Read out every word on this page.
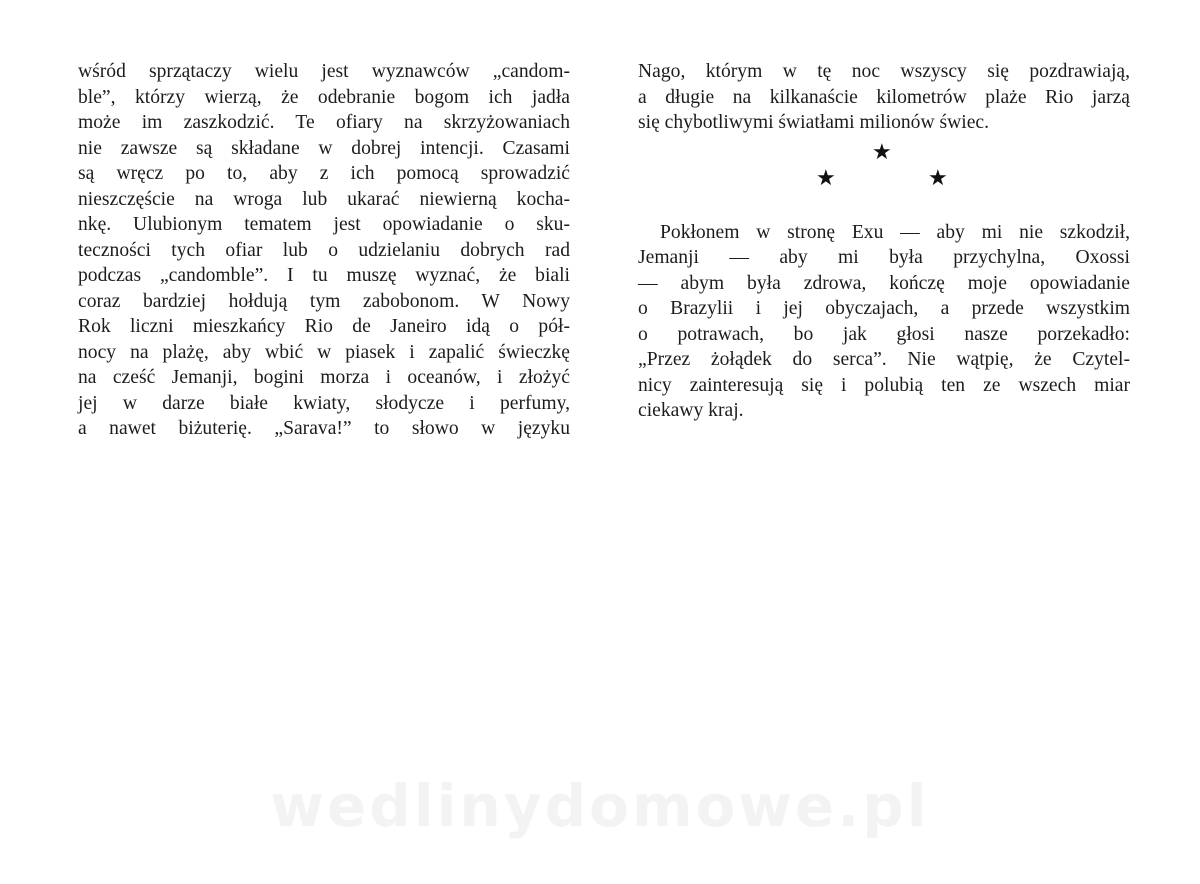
wśród sprzątaczy wielu jest wyznawców „candom-
ble”, którzy wierzą, że odebranie bogom ich jadła
może im zaszkodzić. Te ofiary na skrzyżowaniach
nie zawsze są składane w dobrej intencji. Czasami
są wręcz po to, aby z ich pomocą sprowadzić
nieszczęście na wroga lub ukarać niewierną kocha-
nkę. Ulubionym tematem jest opowiadanie o sku-
teczności tych ofiar lub o udzielaniu dobrych rad
podczas „candomble”. I tu muszę wyznać, że biali
coraz bardziej hołdują tym zabobonom. W Nowy
Rok liczni mieszkańcy Rio de Janeiro idą o pół-
nocy na plażę, aby wbić w piasek i zapalić świeczkę
na cześć Jemanji, bogini morza i oceanów, i złożyć
jej w darze białe kwiaty, słodycze i perfumy,
a nawet biżuterię. „Sarava!” to słowo w języku
Nago, którym w tę noc wszyscy się pozdrawiają,
a długie na kilkanaście kilometrów plaże Rio jarzą
się chybotliwymi światłami milionów świec.
★
★	★
Pokłonem w stronę Exu — aby mi nie szkodził,
Jemanji — aby mi była przychylna, Oxossi
— abym była zdrowa, kończę moje opowiadanie
o Brazylii i jej obyczajach, a przede wszystkim
o potrawach, bo jak głosi nasze porzekadło:
„Przez żołądek do serca”. Nie wątpię, że Czytel-
nicy zainteresują się i polubią ten ze wszech miar
ciekawy kraj.
wedlinydomowe.pl
